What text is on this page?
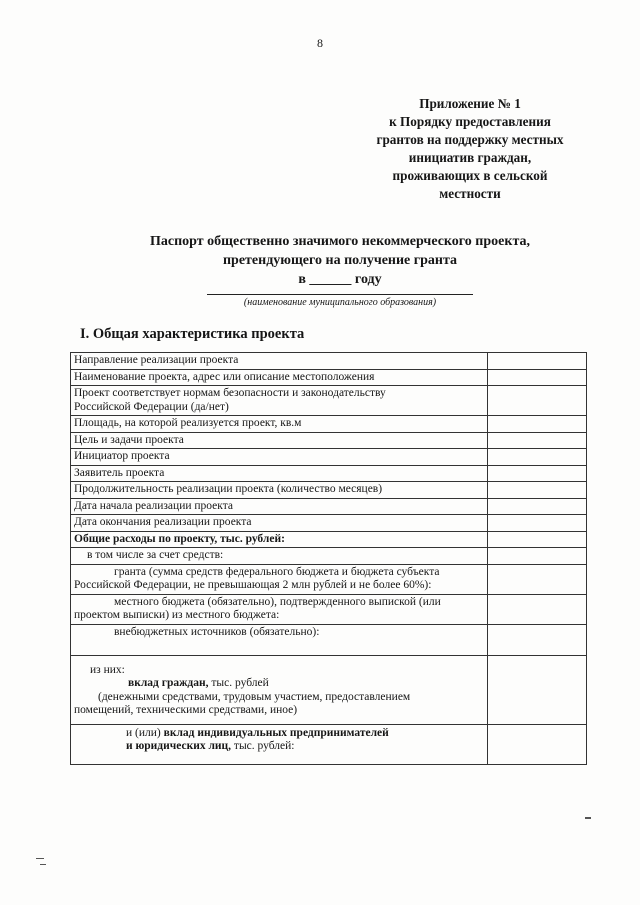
8
Приложение № 1
к Порядку предоставления
грантов на поддержку местных
инициатив граждан,
проживающих в сельской
местности
Паспорт общественно значимого некоммерческого проекта,
претендующего на получение гранта
в ______ году
(наименование муниципального образования)
I. Общая характеристика проекта
Направление реализации проекта	

Наименование проекта, адрес или описание местоположения	

Проект соответствует нормам безопасности и законодательству
Российской Федерации (да/нет)	

Площадь, на которой реализуется проект, кв.м	

Цель и задачи проекта	

Инициатор проекта	

Заявитель проекта	

Продолжительность реализации проекта (количество месяцев)	

Дата начала реализации проекта	

Дата окончания реализации проекта	

Общие расходы по проекту, тыс. рублей:	

в том числе за счет средств:	

гранта (сумма средств федерального бюджета и бюджета субъекта
Российской Федерации, не превышающая 2 млн рублей и не более 60%):	

местного бюджета (обязательно), подтвержденного выпиской (или
проектом выписки) из местного бюджета:	

внебюджетных источников (обязательно):	

из них:
вклад граждан, тыс. рублей
(денежными средствами, трудовым участием, предоставлением
помещений, техническими средствами, иное)	

и (или) вклад индивидуальных предпринимателей
и юридических лиц, тыс. рублей:	
